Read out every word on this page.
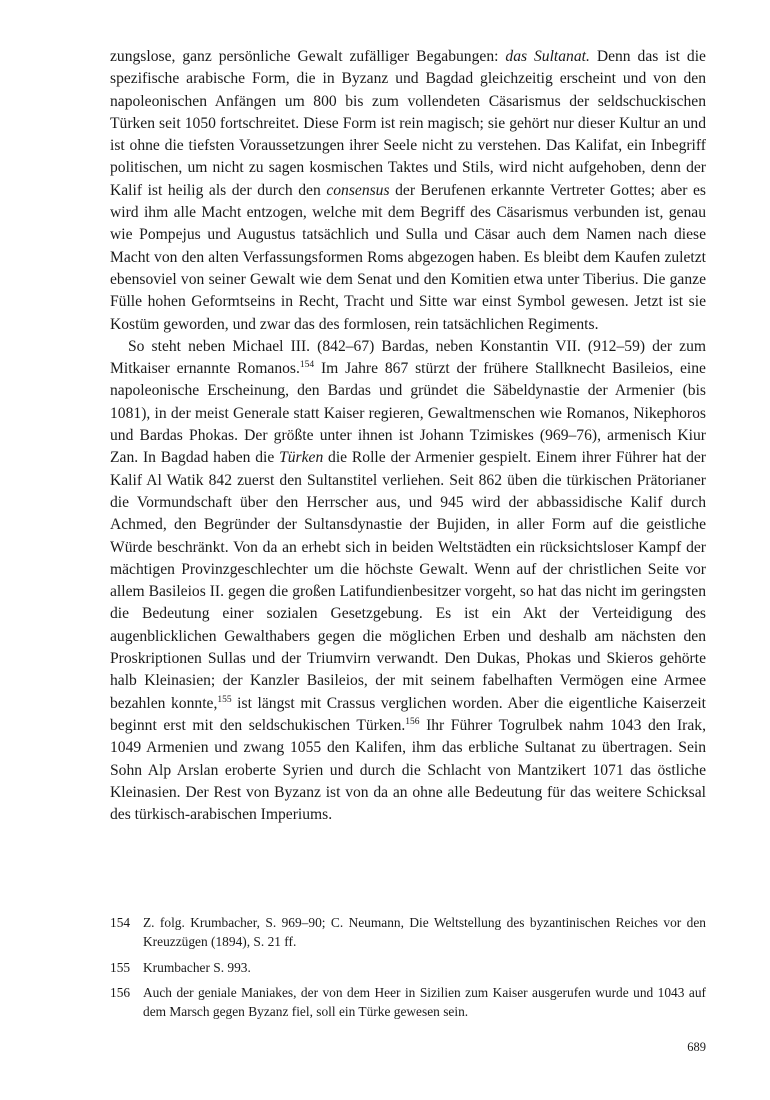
zungslose, ganz persönliche Gewalt zufälliger Begabungen: das Sultanat. Denn das ist die spezifische arabische Form, die in Byzanz und Bagdad gleichzeitig erscheint und von den napoleonischen Anfängen um 800 bis zum vollendeten Cäsarismus der seldschuckischen Türken seit 1050 fortschreitet. Diese Form ist rein magisch; sie gehört nur dieser Kultur an und ist ohne die tiefsten Voraussetzungen ihrer Seele nicht zu verstehen. Das Kalifat, ein Inbegriff politischen, um nicht zu sagen kosmischen Taktes und Stils, wird nicht aufgehoben, denn der Kalif ist heilig als der durch den consensus der Berufenen erkannte Vertreter Gottes; aber es wird ihm alle Macht entzogen, welche mit dem Begriff des Cäsarismus verbunden ist, genau wie Pompejus und Augustus tatsächlich und Sulla und Cäsar auch dem Namen nach diese Macht von den alten Verfassungsformen Roms abgezogen haben. Es bleibt dem Kaufen zuletzt ebensoviel von seiner Gewalt wie dem Senat und den Komitien etwa unter Tiberius. Die ganze Fülle hohen Geformtseins in Recht, Tracht und Sitte war einst Symbol gewesen. Jetzt ist sie Kostüm geworden, und zwar das des formlosen, rein tatsächlichen Regiments.

So steht neben Michael III. (842–67) Bardas, neben Konstantin VII. (912–59) der zum Mitkaiser ernannte Romanos.$^{154}$ Im Jahre 867 stürzt der frühere Stallknecht Basileios, eine napoleonische Erscheinung, den Bardas und gründet die Säbeldynastie der Armenier (bis 1081), in der meist Generale statt Kaiser regieren, Gewaltmenschen wie Romanos, Nikephoros und Bardas Phokas. Der größte unter ihnen ist Johann Tzimiskes (969–76), armenisch Kiur Zan. In Bagdad haben die Türken die Rolle der Armenier gespielt. Einem ihrer Führer hat der Kalif Al Watik 842 zuerst den Sultanstitel verliehen. Seit 862 üben die türkischen Prätorianer die Vormundschaft über den Herrscher aus, und 945 wird der abbassidische Kalif durch Achmed, den Begründer der Sultansdynastie der Bujiden, in aller Form auf die geistliche Würde beschränkt. Von da an erhebt sich in beiden Weltstädten ein rücksichtsloser Kampf der mächtigen Provinzgeschlechter um die höchste Gewalt. Wenn auf der christlichen Seite vor allem Basileios II. gegen die großen Latifundienbesitzer vorgeht, so hat das nicht im geringsten die Bedeutung einer sozialen Gesetzgebung. Es ist ein Akt der Verteidigung des augenblicklichen Gewalthabers gegen die möglichen Erben und deshalb am nächsten den Proskriptionen Sullas und der Triumvirn verwandt. Den Dukas, Phokas und Skieros gehörte halb Kleinasien; der Kanzler Basileios, der mit seinem fabelhaften Vermögen eine Armee bezahlen konnte,$^{155}$ ist längst mit Crassus verglichen worden. Aber die eigentliche Kaiserzeit beginnt erst mit den seldschukischen Türken.$^{156}$ Ihr Führer Togrulbek nahm 1043 den Irak, 1049 Armenien und zwang 1055 den Kalifen, ihm das erbliche Sultanat zu übertragen. Sein Sohn Alp Arslan eroberte Syrien und durch die Schlacht von Mantzikert 1071 das östliche Kleinasien. Der Rest von Byzanz ist von da an ohne alle Bedeutung für das weitere Schicksal des türkisch-arabischen Imperiums.

154 Z. folg. Krumbacher, S. 969–90; C. Neumann, Die Weltstellung des byzantinischen Reiches vor den Kreuzzügen (1894), S. 21 ff.
155 Krumbacher S. 993.
156 Auch der geniale Maniakes, der von dem Heer in Sizilien zum Kaiser ausgerufen wurde und 1043 auf dem Marsch gegen Byzanz fiel, soll ein Türke gewesen sein.
689
